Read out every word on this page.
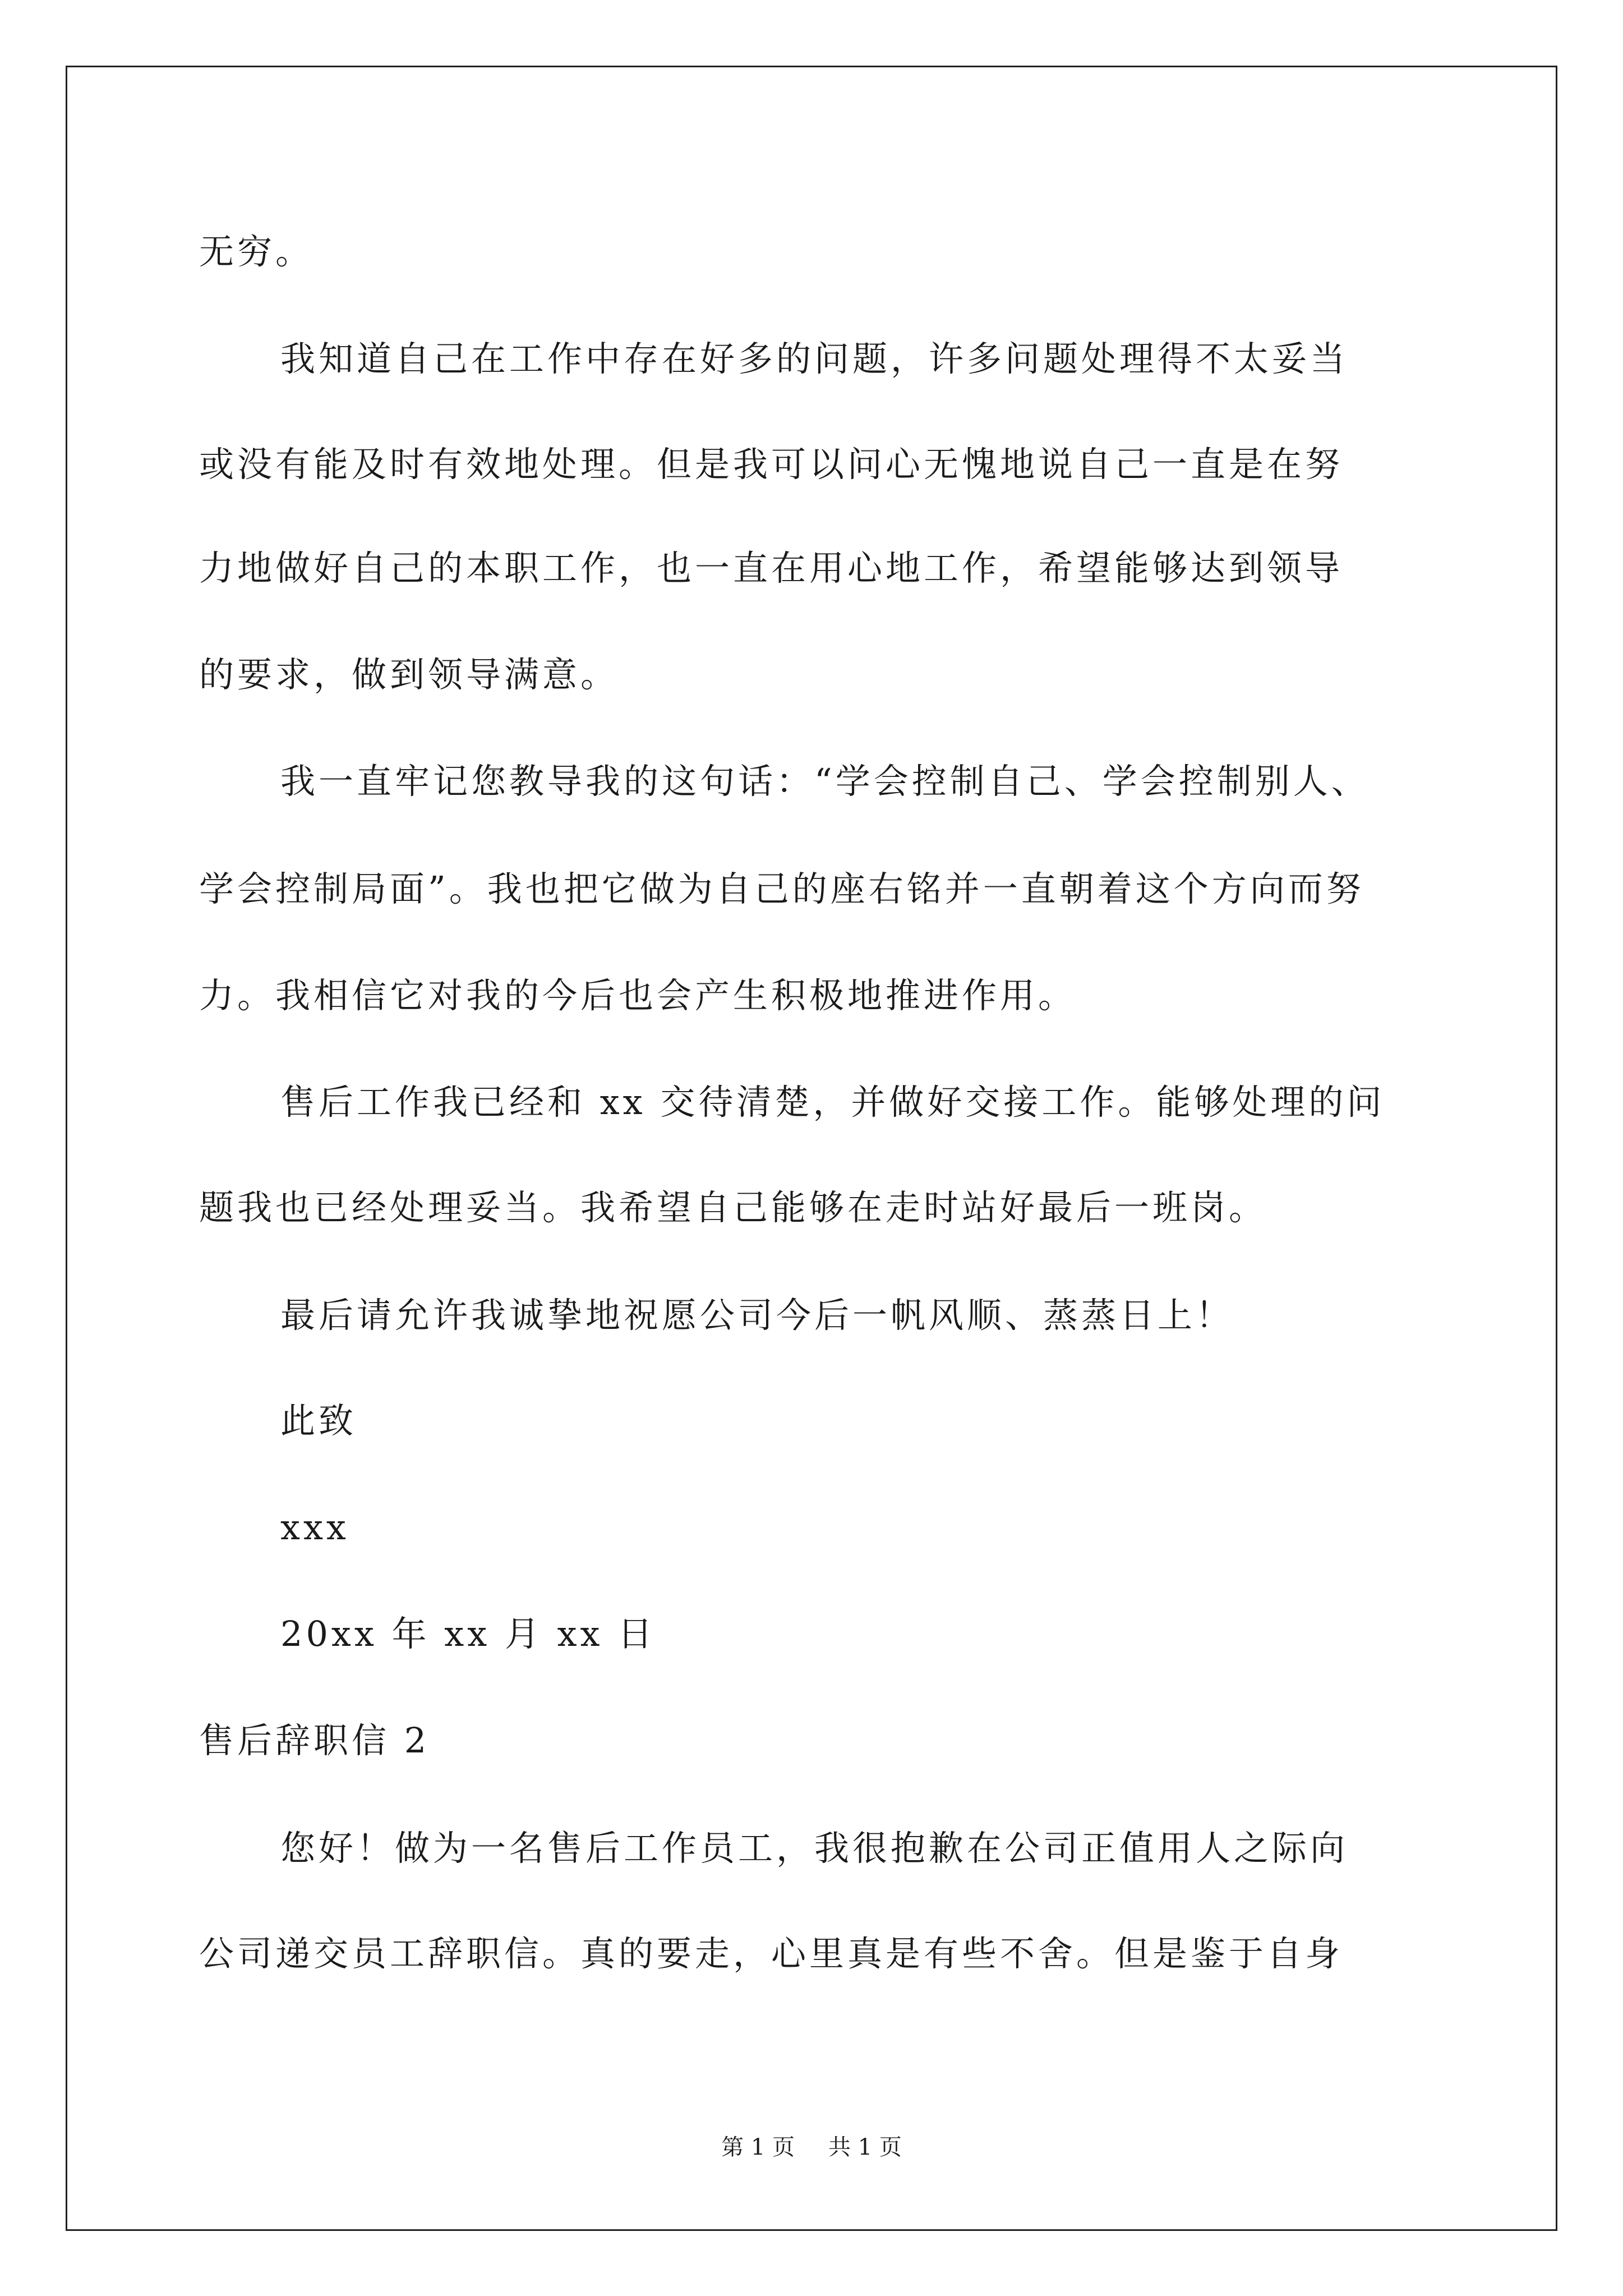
无穷。
我知道自己在工作中存在好多的问题，许多问题处理得不太妥当
或没有能及时有效地处理。但是我可以问心无愧地说自己一直是在努
力地做好自己的本职工作，也一直在用心地工作，希望能够达到领导
的要求，做到领导满意。
我一直牢记您教导我的这句话：“学会控制自己、学会控制别人、
学会控制局面”。我也把它做为自己的座右铭并一直朝着这个方向而努
力。我相信它对我的今后也会产生积极地推进作用。
售后工作我已经和 xx 交待清楚，并做好交接工作。能够处理的问
题我也已经处理妥当。我希望自己能够在走时站好最后一班岗。
最后请允许我诚挚地祝愿公司今后一帆风顺、蒸蒸日上！
此致
xxx
20xx 年 xx 月 xx 日
售后辞职信 2
您好！做为一名售后工作员工，我很抱歉在公司正值用人之际向
公司递交员工辞职信。真的要走，心里真是有些不舍。但是鉴于自身
第 1 页 共 1 页
